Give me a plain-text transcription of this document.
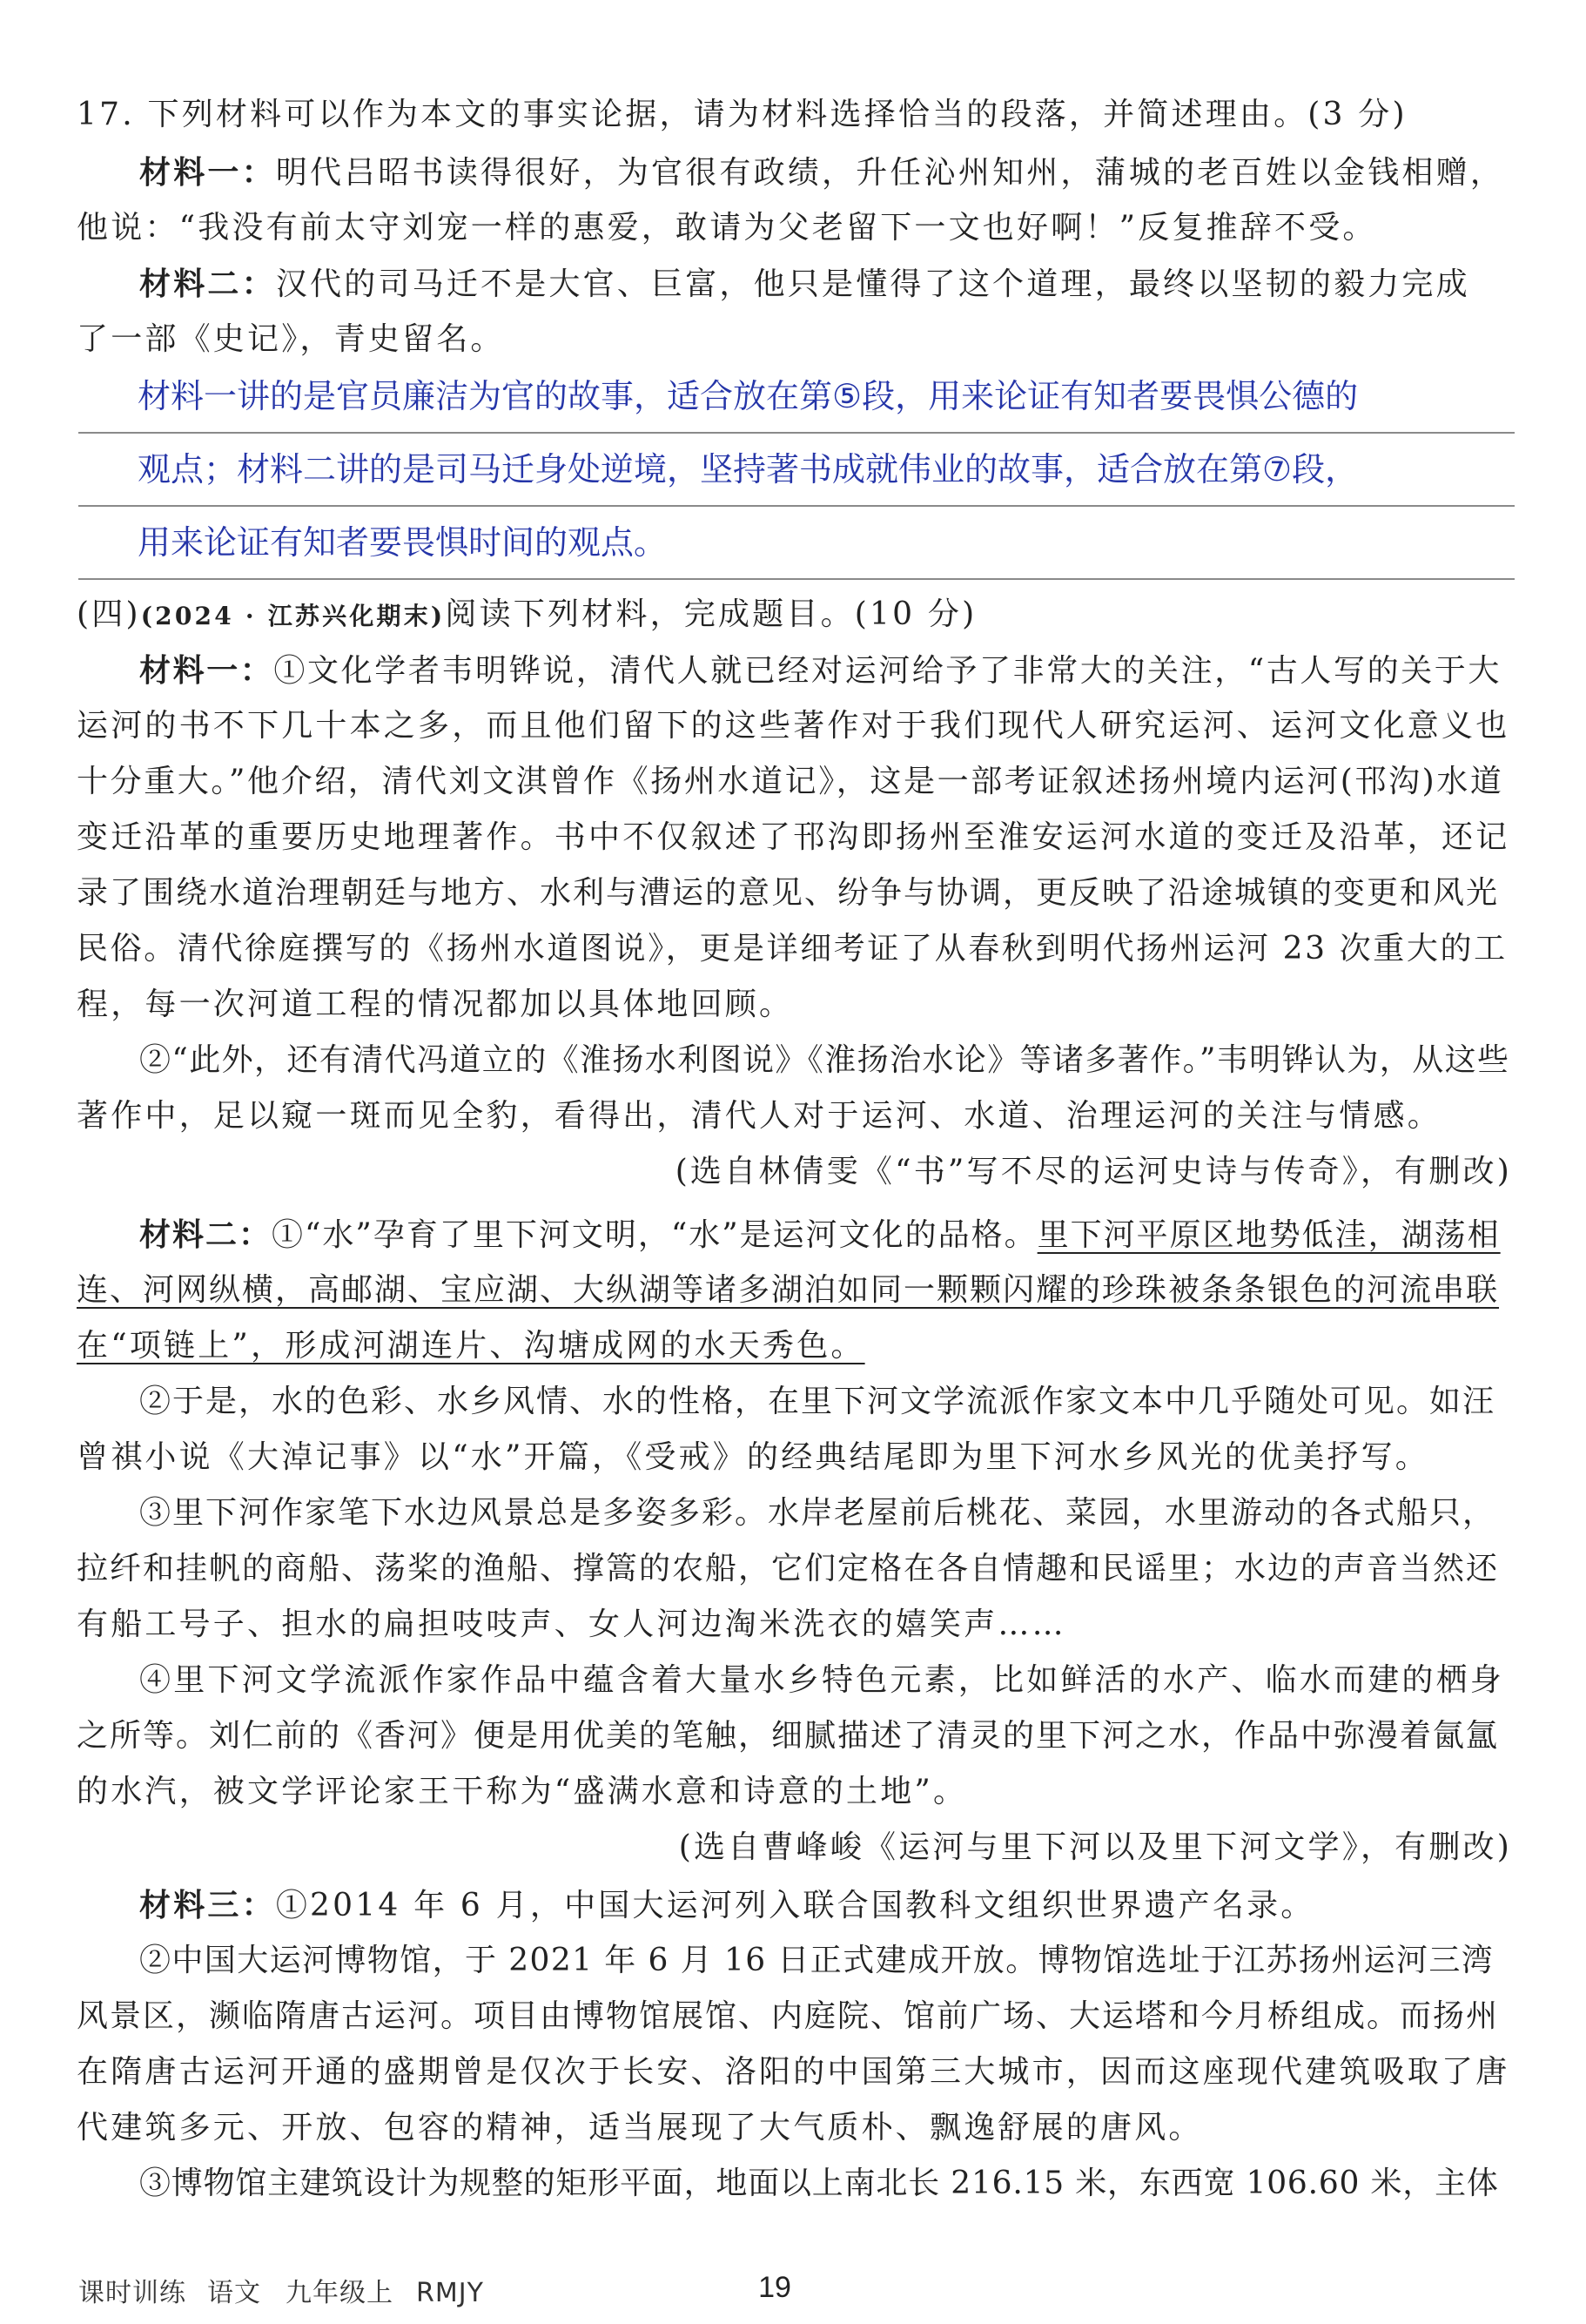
17. 下列材料可以作为本文的事实论据，请为材料选择恰当的段落，并简述理由。(3 分)
材料一：明代吕昭书读得很好，为官很有政绩，升任沁州知州，蒲城的老百姓以金钱相赠，
他说：“我没有前太守刘宠一样的惠爱，敢请为父老留下一文也好啊！”反复推辞不受。
材料二：汉代的司马迁不是大官、巨富，他只是懂得了这个道理，最终以坚韧的毅力完成
了一部《史记》，青史留名。
材料一讲的是官员廉洁为官的故事，适合放在第⑤段，用来论证有知者要畏惧公德的
观点；材料二讲的是司马迁身处逆境，坚持著书成就伟业的故事，适合放在第⑦段，
用来论证有知者要畏惧时间的观点。
(四)(2024 · 江苏兴化期末)阅读下列材料，完成题目。(10 分)
材料一：①文化学者韦明铧说，清代人就已经对运河给予了非常大的关注，“古人写的关于大
运河的书不下几十本之多，而且他们留下的这些著作对于我们现代人研究运河、运河文化意义也
十分重大。”他介绍，清代刘文淇曾作《扬州水道记》，这是一部考证叙述扬州境内运河(邗沟)水道
变迁沿革的重要历史地理著作。书中不仅叙述了邗沟即扬州至淮安运河水道的变迁及沿革，还记
录了围绕水道治理朝廷与地方、水利与漕运的意见、纷争与协调，更反映了沿途城镇的变更和风光
民俗。清代徐庭撰写的《扬州水道图说》，更是详细考证了从春秋到明代扬州运河 23 次重大的工
程，每一次河道工程的情况都加以具体地回顾。
②“此外，还有清代冯道立的《淮扬水利图说》《淮扬治水论》等诸多著作。”韦明铧认为，从这些
著作中，足以窥一斑而见全豹，看得出，清代人对于运河、水道、治理运河的关注与情感。
(选自林倩雯《“书”写不尽的运河史诗与传奇》，有删改)
材料二：①“水”孕育了里下河文明，“水”是运河文化的品格。里下河平原区地势低洼，湖荡相
连、河网纵横，高邮湖、宝应湖、大纵湖等诸多湖泊如同一颗颗闪耀的珍珠被条条银色的河流串联
在“项链上”，形成河湖连片、沟塘成网的水天秀色。
②于是，水的色彩、水乡风情、水的性格，在里下河文学流派作家文本中几乎随处可见。如汪
曾祺小说《大淖记事》以“水”开篇，《受戒》的经典结尾即为里下河水乡风光的优美抒写。
③里下河作家笔下水边风景总是多姿多彩。水岸老屋前后桃花、菜园，水里游动的各式船只，
拉纤和挂帆的商船、荡桨的渔船、撑篙的农船，它们定格在各自情趣和民谣里；水边的声音当然还
有船工号子、担水的扁担吱吱声、女人河边淘米洗衣的嬉笑声……
④里下河文学流派作家作品中蕴含着大量水乡特色元素，比如鲜活的水产、临水而建的栖身
之所等。刘仁前的《香河》便是用优美的笔触，细腻描述了清灵的里下河之水，作品中弥漫着氤氲
的水汽，被文学评论家王干称为“盛满水意和诗意的土地”。
(选自曹峰峻《运河与里下河以及里下河文学》，有删改)
材料三：①2014 年 6 月，中国大运河列入联合国教科文组织世界遗产名录。
②中国大运河博物馆，于 2021 年 6 月 16 日正式建成开放。博物馆选址于江苏扬州运河三湾
风景区，濒临隋唐古运河。项目由博物馆展馆、内庭院、馆前广场、大运塔和今月桥组成。而扬州
在隋唐古运河开通的盛期曾是仅次于长安、洛阳的中国第三大城市，因而这座现代建筑吸取了唐
代建筑多元、开放、包容的精神，适当展现了大气质朴、飘逸舒展的唐风。
③博物馆主建筑设计为规整的矩形平面，地面以上南北长 216.15 米，东西宽 106.60 米，主体
课时训练 语文 九年级上 RMJY	19
